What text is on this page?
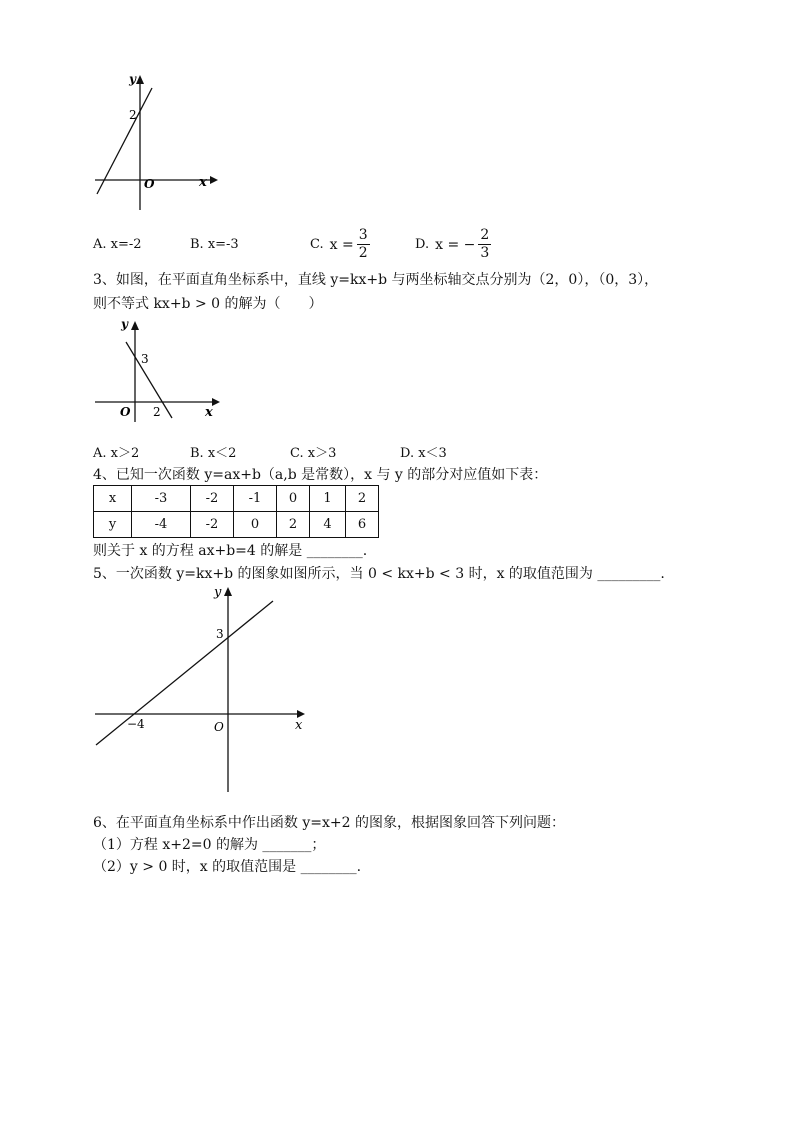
y
x
O
2
A. x=-2	B. x=-3	C. $x = \frac{3}{2}$	D. x = − $\frac{2}{3}$
3、如图，在平面直角坐标系中，直线 y=kx+b 与两坐标轴交点分别为（2，0），（0，3），
则不等式 kx+b > 0 的解为（　　）
y
x
O
3
2
A. x＞2	B. x＜2	C. x＞3	D. x＜3
4、已知一次函数 y=ax+b（a,b 是常数），x 与 y 的部分对应值如下表：
x	-3	-2	-1	0	1	2
y	-4	-2	0	2	4	6
则关于 x 的方程 ax+b=4 的解是 ________.
5、一次函数 y=kx+b 的图象如图所示，当 0 < kx+b < 3 时，x 的取值范围为 _________.
y
x
O
3
−4
6、在平面直角坐标系中作出函数 y=x+2 的图象，根据图象回答下列问题：
（1）方程 x+2=0 的解为 _______；
（2）y > 0 时，x 的取值范围是 ________.
